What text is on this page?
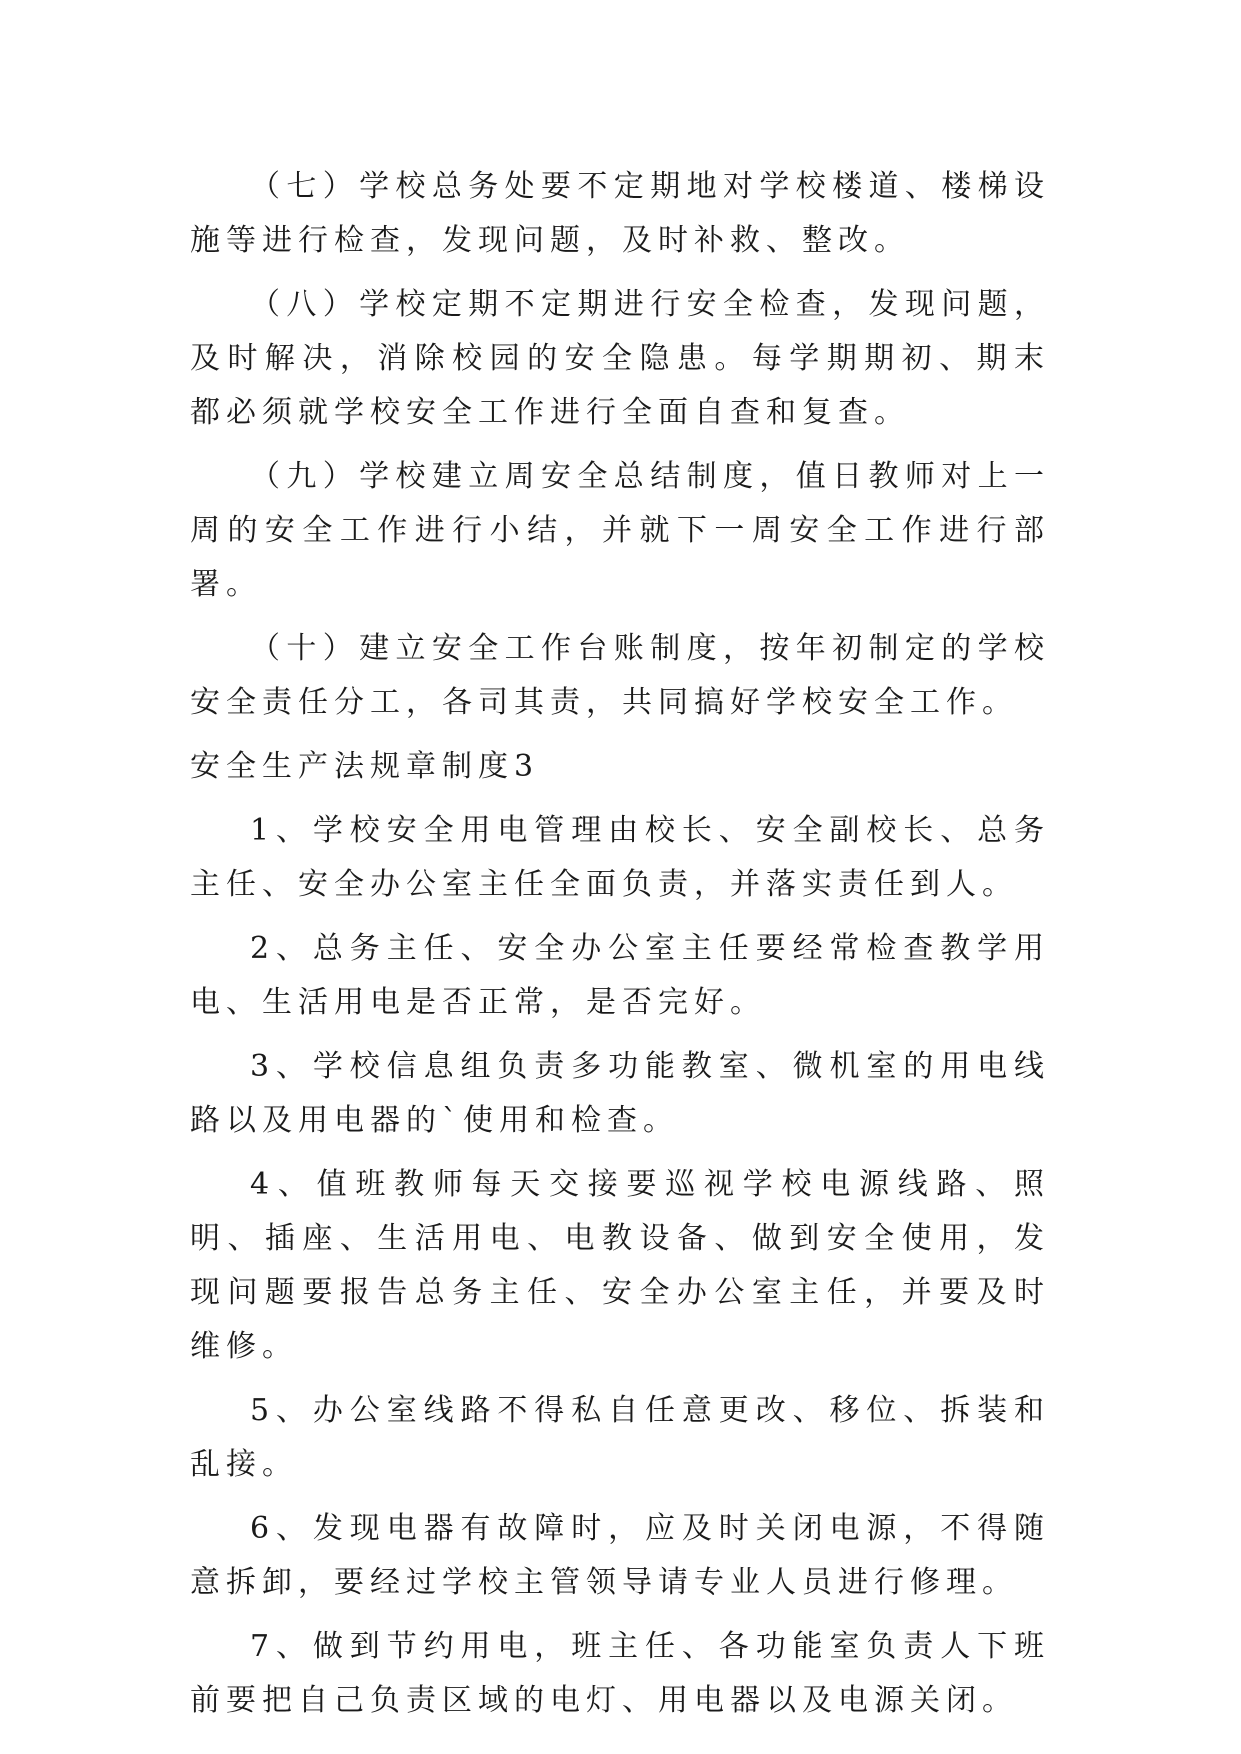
（七）学校总务处要不定期地对学校楼道、楼梯设施等进行检查，发现问题，及时补救、整改。

（八）学校定期不定期进行安全检查，发现问题，及时解决，消除校园的安全隐患。每学期期初、期末都必须就学校安全工作进行全面自查和复查。

（九）学校建立周安全总结制度，值日教师对上一周的安全工作进行小结，并就下一周安全工作进行部署。

（十）建立安全工作台账制度，按年初制定的学校安全责任分工，各司其责，共同搞好学校安全工作。

安全生产法规章制度3

1、学校安全用电管理由校长、安全副校长、总务主任、安全办公室主任全面负责，并落实责任到人。

2、总务主任、安全办公室主任要经常检查教学用电、生活用电是否正常，是否完好。

3、学校信息组负责多功能教室、微机室的用电线路以及用电器的`使用和检查。

4、值班教师每天交接要巡视学校电源线路、照明、插座、生活用电、电教设备、做到安全使用，发现问题要报告总务主任、安全办公室主任，并要及时维修。

5、办公室线路不得私自任意更改、移位、拆装和乱接。

6、发现电器有故障时，应及时关闭电源，不得随意拆卸，要经过学校主管领导请专业人员进行修理。

7、做到节约用电，班主任、各功能室负责人下班前要把自己负责区域的电灯、用电器以及电源关闭。
